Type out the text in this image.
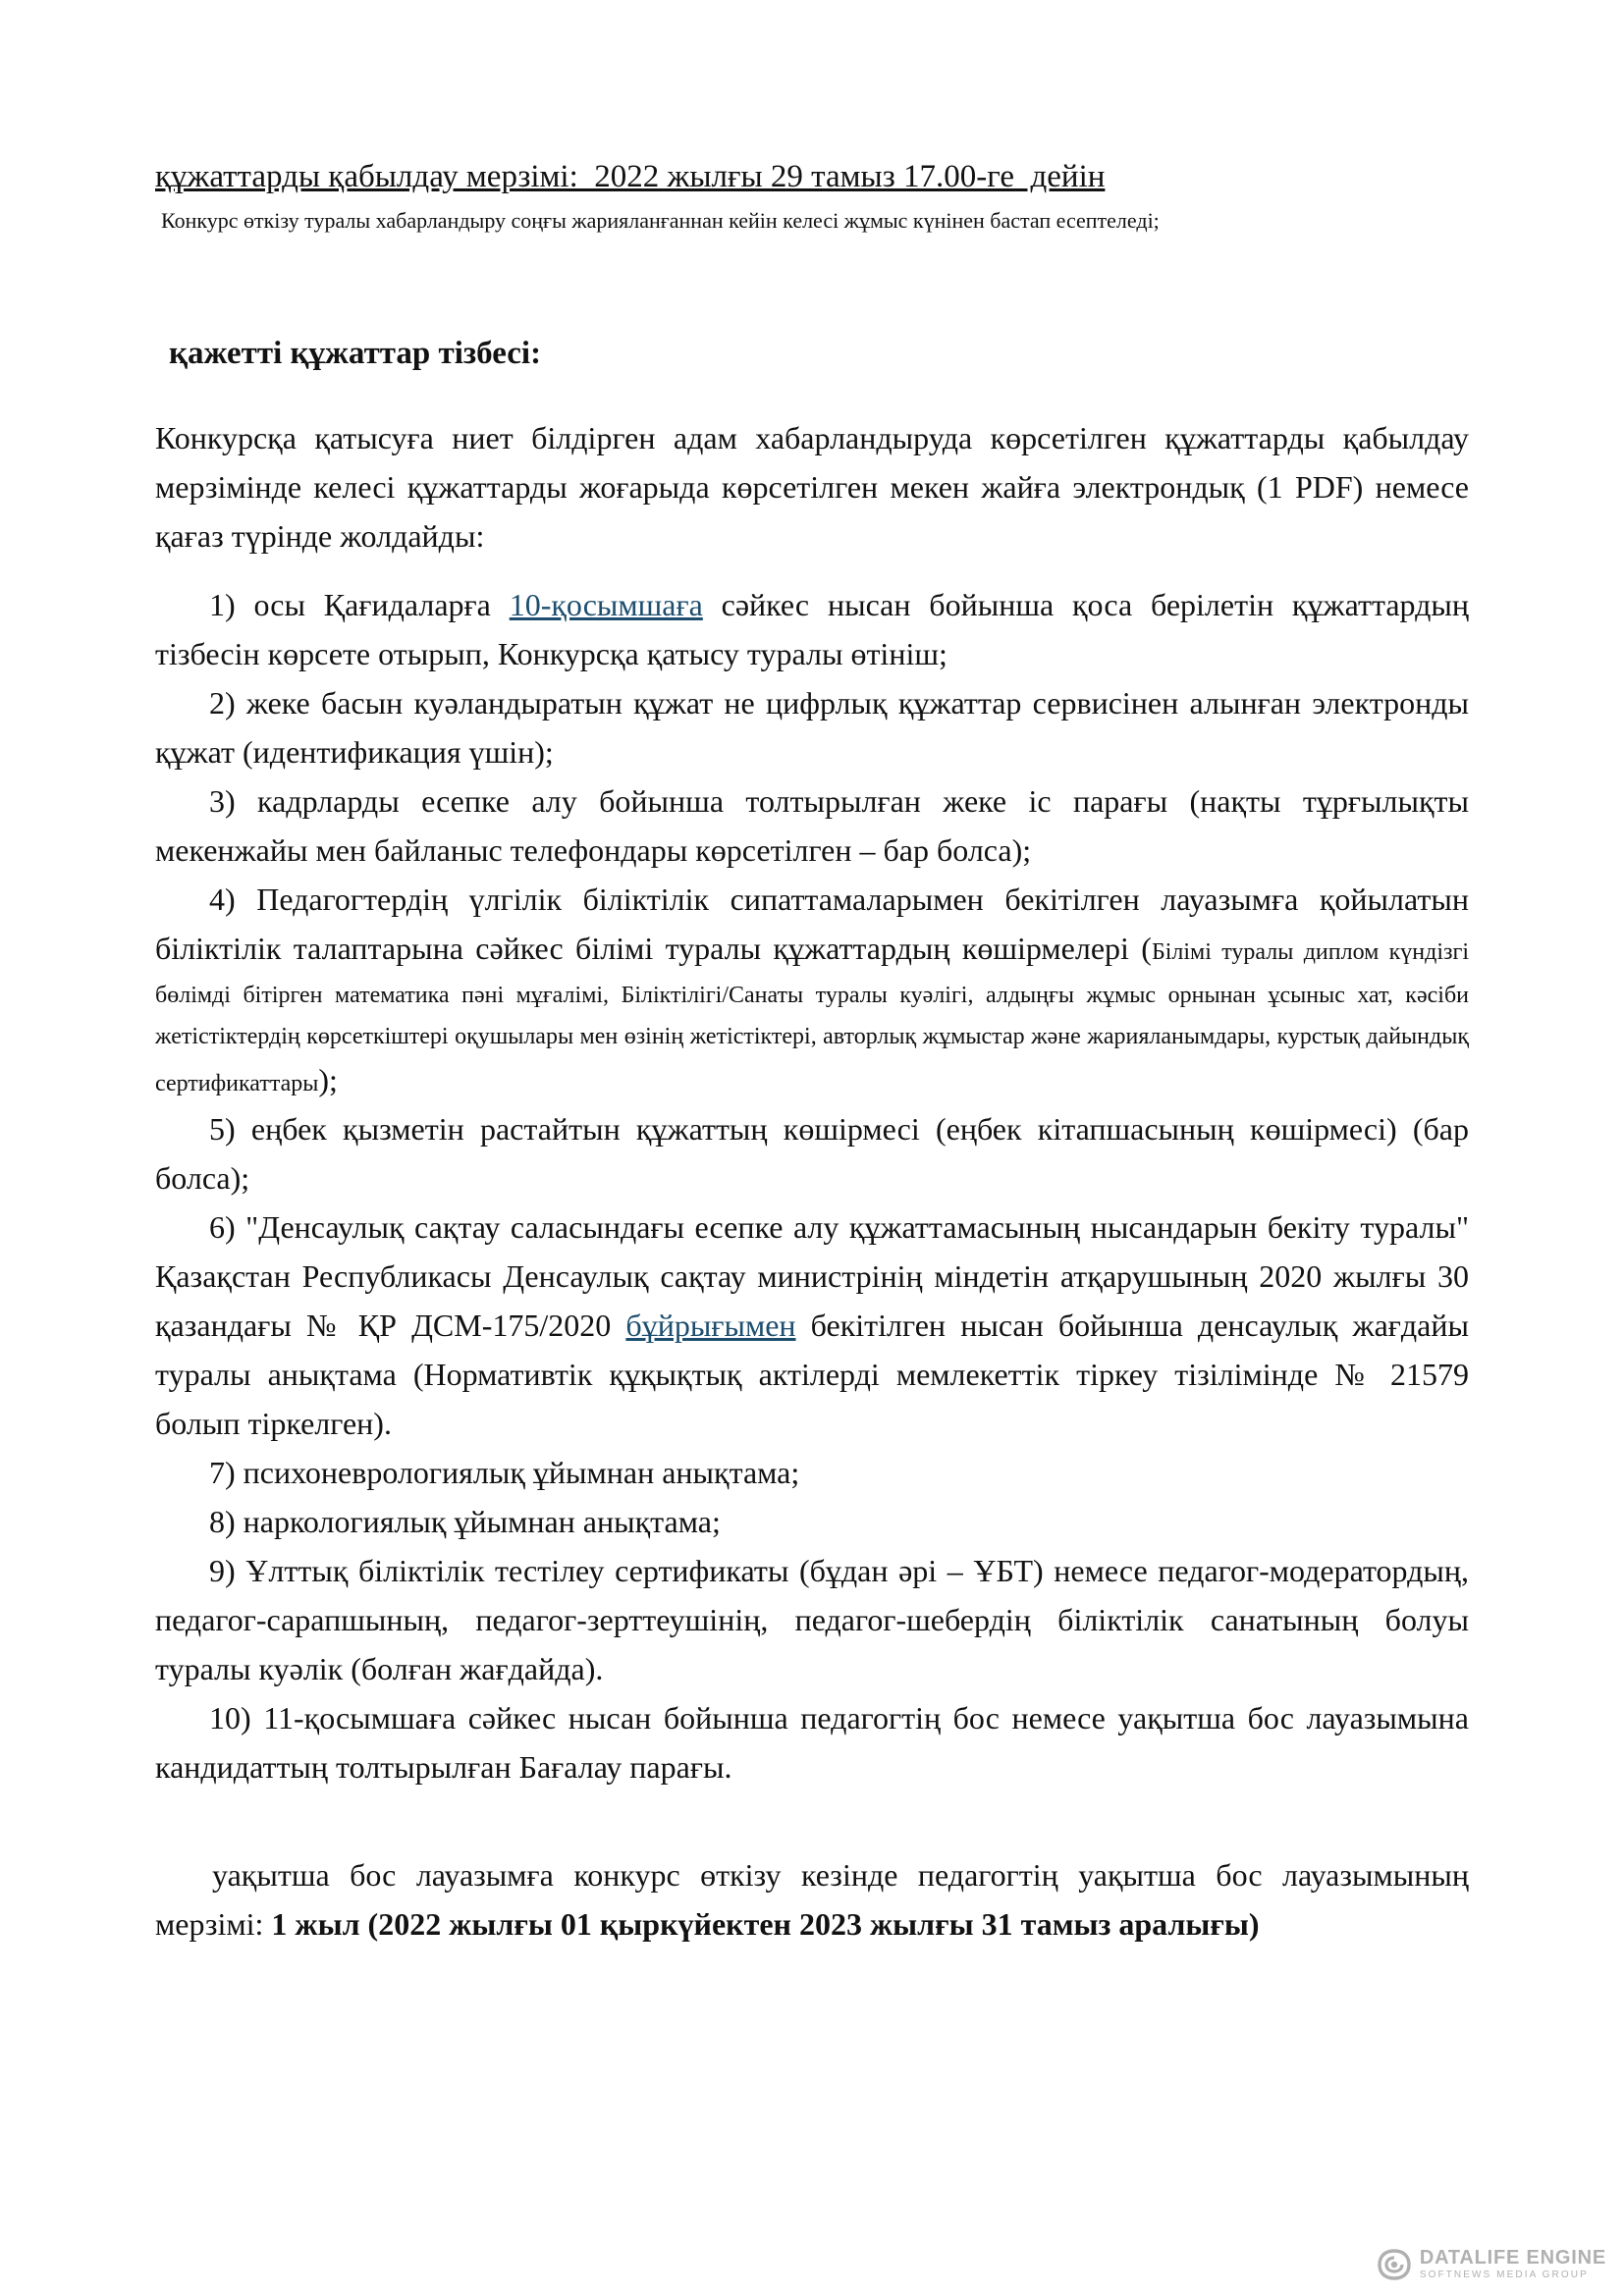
құжаттарды қабылдау мерзімі:  2022 жылғы 29 тамыз 17.00-ге  дейін

Конкурс өткізу туралы хабарландыру соңғы жарияланғаннан кейін келесі жұмыс күнінен бастап есептеледі;

қажетті құжаттар тізбесі:

Конкурсқа қатысуға ниет білдірген адам хабарландыруда көрсетілген құжаттарды қабылдау мерзімінде келесі құжаттарды жоғарыда көрсетілген мекен жайға электрондық (1 PDF) немесе қағаз түрінде жолдайды:

1) осы Қағидаларға 10-қосымшаға сәйкес нысан бойынша қоса берілетін құжаттардың тізбесін көрсете отырып, Конкурсқа қатысу туралы өтініш;

2) жеке басын куәландыратын құжат не цифрлық құжаттар сервисінен алынған электронды құжат (идентификация үшін);

3) кадрларды есепке алу бойынша толтырылған жеке іс парағы (нақты тұрғылықты мекенжайы мен байланыс телефондары көрсетілген – бар болса);

4) Педагогтердің үлгілік біліктілік сипаттамаларымен бекітілген лауазымға қойылатын біліктілік талаптарына сәйкес білімі туралы құжаттардың көшірмелері (Білімі туралы диплом күндізгі бөлімді бітірген математика пәні мұғалімі, Біліктілігі/Санаты туралы куәлігі, алдыңғы жұмыс орнынан ұсыныс хат, кәсіби жетістіктердің көрсеткіштері оқушылары мен өзінің жетістіктері, авторлық жұмыстар және жарияланымдары, курстық дайындық сертификаттары);

5) еңбек қызметін растайтын құжаттың көшірмесі (еңбек кітапшасының көшірмесі) (бар болса);

6) "Денсаулық сақтау саласындағы есепке алу құжаттамасының нысандарын бекіту туралы" Қазақстан Республикасы Денсаулық сақтау министрінің міндетін атқарушының 2020 жылғы 30 қазандағы № ҚР ДСМ-175/2020 бұйрығымен бекітілген нысан бойынша денсаулық жағдайы туралы анықтама (Нормативтік құқықтық актілерді мемлекеттік тіркеу тізілімінде № 21579 болып тіркелген).

7) психоневрологиялық ұйымнан анықтама;

8) наркологиялық ұйымнан анықтама;

9) Ұлттық біліктілік тестілеу сертификаты (бұдан әрі – ҰБТ) немесе педагог-модератордың, педагог-сарапшының, педагог-зерттеушінің, педагог-шебердің біліктілік санатының болуы туралы куәлік (болған жағдайда).

10) 11-қосымшаға сәйкес нысан бойынша педагогтің бос немесе уақытша бос лауазымына кандидаттың толтырылған Бағалау парағы.

уақытша бос лауазымға конкурс өткізу кезінде педагогтің уақытша бос лауазымының мерзімі: 1 жыл (2022 жылғы 01 қыркүйектен 2023 жылғы 31 тамыз аралығы)

DATALIFE ENGINE
SOFTNEWS MEDIA GROUP
